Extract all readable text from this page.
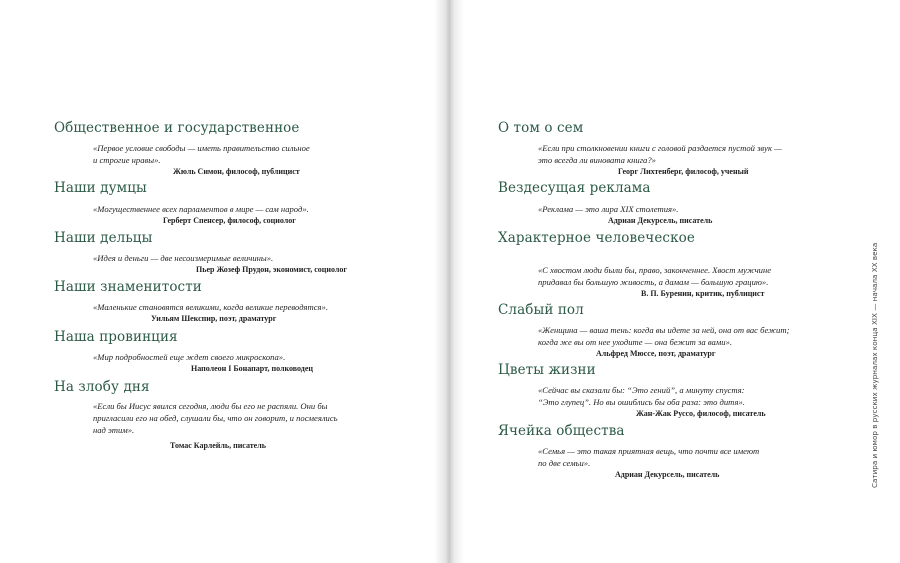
Общественное и государственное
«Первое условие свободы — иметь правительство сильное
и строгие нравы».
Жюль Симон, философ, публицист
Наши думцы
«Могущественнее всех парламентов в мире — сам народ».
Герберт Спенсер, философ, социолог
Наши дельцы
«Идея и деньги — две несоизмеримые величины».
Пьер Жозеф Прудон, экономист, социолог
Наши знаменитости
«Маленькие становятся великими, когда великие переводятся».
Уильям Шекспир, поэт, драматург
Наша провинция
«Мир подробностей еще ждет своего микроскопа».
Наполеон I Бонапарт, полководец
На злобу дня
«Если бы Иисус явился сегодня, люди бы его не распяли. Они бы
пригласили его на обед, слушали бы, что он говорит, и посмеялись
над этим».
Томас Карлейль, писатель
О том о сем
«Если при столкновении книги с головой раздается пустой звук —
это всегда ли виновата книга?»
Георг Лихтенберг, философ, ученый
Вездесущая реклама
«Реклама — это лира XIX столетия».
Адриан Декурсель, писатель
Характерное человеческое
«С хвостом люди были бы, право, законченнее. Хвост мужчине
придавал бы большую живость, а дамам — большую грацию».
В. П. Буренин, критик, публицист
Слабый пол
«Женщина — ваша тень: когда вы идете за ней, она от вас бежит;
когда же вы от нее уходите — она бежит за вами».
Альфред Мюссе, поэт, драматург
Цветы жизни
«Сейчас вы сказали бы: “Это гений”, а минуту спустя:
“Это глупец”. Но вы ошиблись бы оба раза: это дитя».
Жан-Жак Руссо, философ, писатель
Ячейка общества
«Семья — это такая приятная вещь, что почти все имеют
по две семьи».
Адриан Декурсель, писатель	Сатира и юмор в русских журналах конца XIX — начала XX века
